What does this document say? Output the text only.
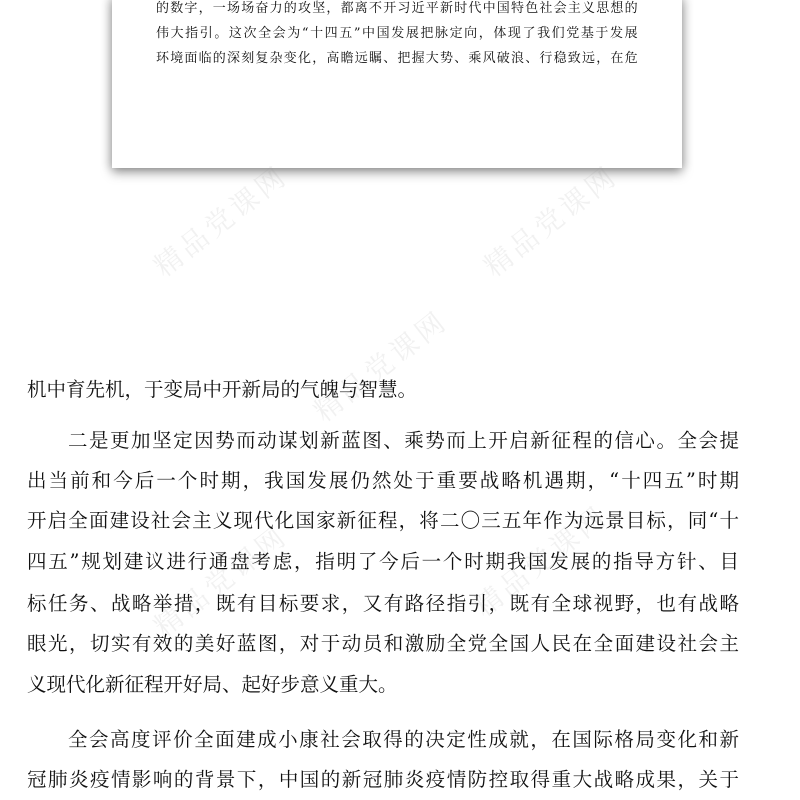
的数字，一场场奋力的攻坚，都离不开习近平新时代中国特色社会主义思想的

伟大指引。这次全会为“十四五”中国发展把脉定向，体现了我们党基于发展

环境面临的深刻复杂变化，高瞻远瞩、把握大势、乘风破浪、行稳致远，在危

精品党课网	精品党课网
精品党课网
精品党课网	精品党课网

机中育先机，于变局中开新局的气魄与智慧。

二是更加坚定因势而动谋划新蓝图、乘势而上开启新征程的信心。全会提

出当前和今后一个时期，我国发展仍然处于重要战略机遇期，“十四五”时期

开启全面建设社会主义现代化国家新征程，将二〇三五年作为远景目标，同“十

四五”规划建议进行通盘考虑，指明了今后一个时期我国发展的指导方针、目

标任务、战略举措，既有目标要求，又有路径指引，既有全球视野，也有战略

眼光，切实有效的美好蓝图，对于动员和激励全党全国人民在全面建设社会主

义现代化新征程开好局、起好步意义重大。

全会高度评价全面建成小康社会取得的决定性成就，在国际格局变化和新

冠肺炎疫情影响的背景下，中国的新冠肺炎疫情防控取得重大战略成果，关于
